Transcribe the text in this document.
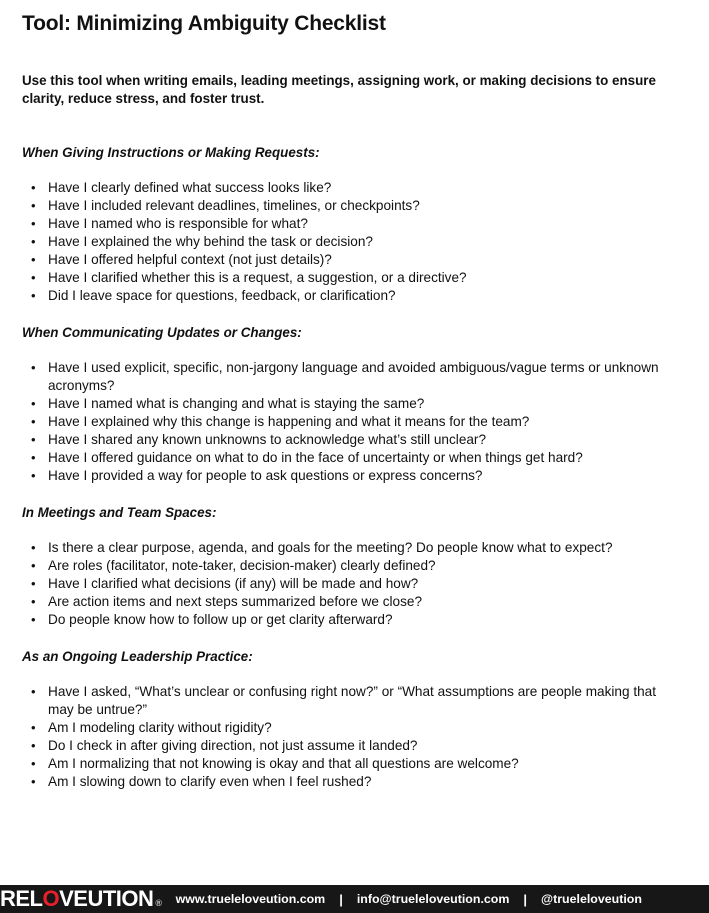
Tool: Minimizing Ambiguity Checklist

Use this tool when writing emails, leading meetings, assigning work, or making decisions to ensure clarity, reduce stress, and foster trust.

When Giving Instructions or Making Requests:
• Have I clearly defined what success looks like?
• Have I included relevant deadlines, timelines, or checkpoints?
• Have I named who is responsible for what?
• Have I explained the why behind the task or decision?
• Have I offered helpful context (not just details)?
• Have I clarified whether this is a request, a suggestion, or a directive?
• Did I leave space for questions, feedback, or clarification?
When Communicating Updates or Changes:
• Have I used explicit, specific, non-jargony language and avoided ambiguous/vague terms or unknown acronyms?
• Have I named what is changing and what is staying the same?
• Have I explained why this change is happening and what it means for the team?
• Have I shared any known unknowns to acknowledge what’s still unclear?
• Have I offered guidance on what to do in the face of uncertainty or when things get hard?
• Have I provided a way for people to ask questions or express concerns?
In Meetings and Team Spaces:
• Is there a clear purpose, agenda, and goals for the meeting? Do people know what to expect?
• Are roles (facilitator, note-taker, decision-maker) clearly defined?
• Have I clarified what decisions (if any) will be made and how?
• Are action items and next steps summarized before we close?
• Do people know how to follow up or get clarity afterward?
As an Ongoing Leadership Practice:
• Have I asked, “What’s unclear or confusing right now?” or “What assumptions are people making that may be untrue?”
• Am I modeling clarity without rigidity?
• Do I check in after giving direction, not just assume it landed?
• Am I normalizing that not knowing is okay and that all questions are welcome?
• Am I slowing down to clarify even when I feel rushed?
REL O VEUTION ® www.trueleloveution.com | info@trueleloveution.com | @trueleloveution
